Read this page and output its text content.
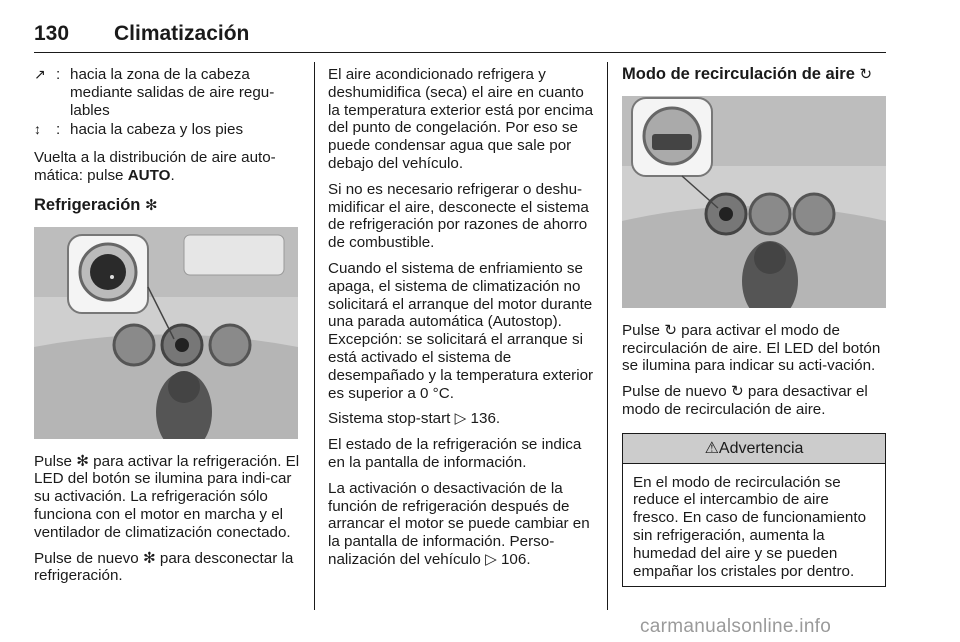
130 Climatización
↗ : hacia la zona de la cabeza mediante salidas de aire regu-lables
↕ : hacia la cabeza y los pies

Vuelta a la distribución de aire auto-mática: pulse AUTO.

Refrigeración ✻

Pulse ✻ para activar la refrigeración. El LED del botón se ilumina para indi-car su activación. La refrigeración sólo funciona con el motor en marcha y el ventilador de climatización conectado.

Pulse de nuevo ✻ para desconectar la refrigeración.

El aire acondicionado refrigera y deshumidifica (seca) el aire en cuanto la temperatura exterior está por encima del punto de congelación. Por eso se puede condensar agua que sale por debajo del vehículo.

Si no es necesario refrigerar o deshu-midificar el aire, desconecte el sistema de refrigeración por razones de ahorro de combustible.

Cuando el sistema de enfriamiento se apaga, el sistema de climatización no solicitará el arranque del motor durante una parada automática (Autostop). Excepción: se solicitará el arranque si está activado el sistema de desempañado y la temperatura exterior es superior a 0 °C.

Sistema stop-start ▷ 136.

El estado de la refrigeración se indica en la pantalla de información.

La activación o desactivación de la función de refrigeración después de arrancar el motor se puede cambiar en la pantalla de información. Perso-nalización del vehículo ▷ 106.

Modo de recirculación de aire ↻

Pulse ↻ para activar el modo de recirculación de aire. El LED del botón se ilumina para indicar su acti-vación.

Pulse de nuevo ↻ para desactivar el modo de recirculación de aire.

⚠Advertencia
En el modo de recirculación se reduce el intercambio de aire fresco. En caso de funcionamiento sin refrigeración, aumenta la humedad del aire y se pueden empañar los cristales por dentro.
carmanualsonline.info
